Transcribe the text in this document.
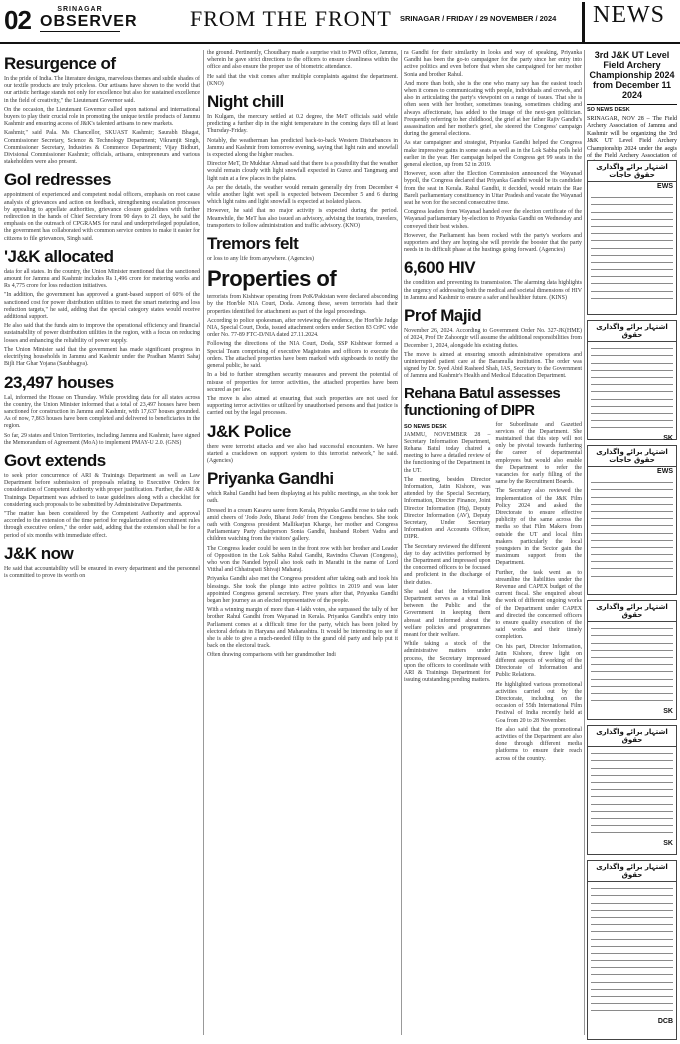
02	SRINAGAR
OBSERVER FROM THE FRONT SRINAGAR / FRIDAY / 29 NOVEMBER / 2024	NEWS
Resurgence of

In the pride of India. The literature designs, marvelous themes and subtle shades of our textile products are truly priceless. Our artisans have shown to the world that our artistic heritage stands not only for excellence but also for sustained excellence in the field of creativity," the Lieutenant Governor said.

On the occasion, the Lieutenant Governor called upon national and international buyers to play their crucial role in promoting the unique textile products of Jammu Kashmir and ensuring access of J&K's talented artisans to new markets.

Kashmir," said Pala. Ms Chancellor, SKUAST Kashmir; Saurabh Bhagat, Commissioner Secretary, Science & Technology Department; Vikramjit Singh, Commissioner Secretary, Industries & Commerce Department; Vijay Bidhuri, Divisional Commissioner Kashmir; officials, artisans, entrepreneurs and various stakeholders were also present.

GoI redresses

appointment of experienced and competent nodal officers, emphasis on root cause analysis of grievances and action on feedback, strengthening escalation processes by appealing to appellate authorities, grievance closure guidelines with further redirection in the hands of Chief Secretary from 90 days to 21 days, he said the emphasis on the outreach of CPGRAMS for rural and underprivileged population, the government has collaborated with common service centres to make it easier for citizens to file grievances, Singh said.

'J&K allocated

data for all states. In the country, the Union Minister mentioned that the sanctioned amount for Jammu and Kashmir includes Rs 1,496 crore for metering works and Rs 4,775 crore for loss reduction initiatives.

"In addition, the government has approved a grant-based support of 60% of the sanctioned cost for power distribution utilities to meet the smart metering and loss reduction targets," he said, adding that the special category states would receive additional support.

He also said that the funds aim to improve the operational efficiency and financial sustainability of power distribution utilities in the region, with a focus on reducing losses and enhancing the reliability of power supply.

The Union Minister said that the government has made significant progress in electrifying households in Jammu and Kashmir under the Pradhan Mantri Sahaj Bijli Har Ghar Yojana (Saubhagya).

23,497 houses

Lal, informed the House on Thursday. While providing data for all states across the country, the Union Minister informed that a total of 23,497 houses have been sanctioned for construction in Jammu and Kashmir, with 17,637 houses grounded. As of now, 7,863 houses have been completed and delivered to beneficiaries in the region.

So far, 29 states and Union Territories, including Jammu and Kashmir, have signed the Memorandum of Agreement (MoA) to implement PMAY-U 2.0. (GNS)

Govt extends

to seek prior concurrence of ARI & Trainings Department as well as Law Department before submission of proposals relating to Executive Orders for consideration of Competent Authority with proper justification. Further, the ARI & Trainings Department was advised to issue guidelines along with a checklist for considering such proposals to be submitted by Administrative Departments.

"The matter has been considered by the Competent Authority and approval accorded to the extension of the time period for regularization of recruitment rules through executive orders," the order said, adding that the extension shall be for a period of six months with immediate effect.

J&K now

He said that accountability will be ensured in every department and the personnel is committed to prove its worth on

the ground. Pertinently, Choudhary made a surprise visit to PWD office, Jammu, wherein he gave strict directions to the officers to ensure cleanliness within the office and also ensure the proper use of biometric attendance.

He said that the visit comes after multiple complaints against the department. (KNO)

Night chill

In Kulgam, the mercury settled at 0.2 degree, the MeT officials said while predicting a further dip in the night temperature in the coming days till at least Thursday-Friday.

Notably, the weatherman has predicted back-to-back Western Disturbances in Jammu and Kashmir from tomorrow evening, saying that light rain and snowfall is expected along the higher reaches.

Director MeT, Dr Mukhtar Ahmad said that there is a possibility that the weather would remain cloudy with light snowfall expected in Gurez and Tangmarg and light rain at a few places in the plains.

As per the details, the weather would remain generally dry from December 4 while another light wet spell is expected between December 5 and 6 during which light rains and light snowfall is expected at isolated places.

However, he said that no major activity is expected during the period. Meanwhile, the MeT has also issued an advisory, advising the tourists, travelers, transporters to follow administration and traffic advisory. (KNO)

Tremors felt

or loss to any life from anywhere. (Agencies)

Properties of

terrorists from Kishtwar operating from PoK/Pakistan were declared absconding by the Hon'ble NIA Court, Doda. Among these, seven terrorists had their properties identified for attachment as part of the legal proceedings.

According to police spokesman, after reviewing the evidence, the Hon'ble Judge NIA, Special Court, Doda, issued attachment orders under Section 83 CrPC vide order No. 77-89 FTC-D/NIA dated 27.11.2024.

Following the directions of the NIA Court, Doda, SSP Kishtwar formed a Special Team comprising of executive Magistrates and officers to execute the orders. The attached properties have been marked with signboards to notify the general public, he said.

In a bid to further strengthen security measures and prevent the potential of misuse of properties for terror activities, the attached properties have been secured as per law.

The move is also aimed at ensuring that such properties are not used for supporting terror activities or utilized by unauthorised persons and that justice is carried out by the legal processes.

J&K Police

there were terrorist attacks and we also had successful encounters. We have started a crackdown on support system to this terrorist network," he said. (Agencies)

Priyanka Gandhi

which Rahul Gandhi had been displaying at his public meetings, as she took her oath.

Dressed in a cream Kasavu saree from Kerala, Priyanka Gandhi rose to take oath amid cheers of 'Jodo Jodo, Bharat Jodo' from the Congress benches. She took oath with Congress president Mallikarjun Kharge, her mother and Congress Parliamentary Party chairperson Sonia Gandhi, husband Robert Vadra and children watching from the visitors' gallery.

The Congress leader could be seen in the front row with her brother and Leader of Opposition in the Lok Sabha Rahul Gandhi, Ravindra Chavan (Congress), who won the Nanded bypoll also took oath in Marathi in the name of Lord Vitthal and Chhatrapati Shivaji Maharaj.

Priyanka Gandhi also met the Congress president after taking oath and took his blessings. She took the plunge into active politics in 2019 and was later appointed Congress general secretary. Five years after that, Priyanka Gandhi began her journey as an elected representative of the people.

With a winning margin of more than 4 lakh votes, she surpassed the tally of her brother Rahul Gandhi from Wayanad in Kerala. Priyanka Gandhi's entry into Parliament comes at a difficult time for the party, which has been jolted by electoral defeats in Haryana and Maharashtra. It would be interesting to see if she is able to give a much-needed fillip to the grand old party and help put it back on the electoral track.

Often drawing comparisons with her grandmother Indi

ra Gandhi for their similarity in looks and way of speaking, Priyanka Gandhi has been the go-to campaigner for the party since her entry into active politics and even before that when she campaigned for her mother Sonia and brother Rahul.

And more than both, she is the one who many say has the easiest touch when it comes to communicating with people, individuals and crowds, and also in articulating the party's viewpoint on a range of issues. That she is often seen with her brother, sometimes teasing, sometimes chiding and always affectionate, has added to the image of the next-gen politician. Frequently referring to her childhood, the grief at her father Rajiv Gandhi's assassination and her mother's grief, she steered the Congress' campaign during the general elections.

As star campaigner and strategist, Priyanka Gandhi helped the Congress make impressive gains in some seats as well as in the Lok Sabha polls held earlier in the year. Her campaign helped the Congress get 99 seats in the general election, up from 52 in 2019.

However, soon after the Election Commission announced the Wayanad bypoll, the Congress declared that Priyanka Gandhi would be its candidate from the seat in Kerala. Rahul Gandhi, it decided, would retain the Rae Bareli parliamentary constituency in Uttar Pradesh and vacate the Wayanad seat he won for the second consecutive time.

Congress leaders from Wayanad handed over the election certificate of the Wayanad parliamentary by-election to Priyanka Gandhi on Wednesday and conveyed their best wishes.

However, the Parliament has been rocked with the party's workers and supporters and they are hoping she will provide the booster that the party needs in its difficult phase at the hustings going forward. (Agencies)

6,600 HIV

the condition and preventing its transmission. The alarming data highlights the urgency of addressing both the medical and societal dimensions of HIV in Jammu and Kashmir to ensure a safer and healthier future. (KINS)

Prof Majid

November 26, 2024. According to Government Order No. 327-JK(HME) of 2024, Prof Dr Zahoorgir will assume the additional responsibilities from December 1, 2024, alongside his existing duties.

The move is aimed at ensuring smooth administrative operations and uninterrupted patient care at the Baramulla institution. The order was signed by Dr. Syed Abid Rasheed Shah, IAS, Secretary to the Government of Jammu and Kashmir's Health and Medical Education Department.

Rehana Batul assesses functioning of DIPR
SO NEWS DESK

JAMMU, NOVEMBER 28 – Secretary Information Department, Rehana Batul today chaired a meeting to have a detailed review of the functioning of the Department in the UT.

The meeting, besides Director Information, Jatin Kishore, was attended by the Special Secretary, Information, Director Finance, Joint Director Information (Hq), Deputy Director Information (AV), Deputy Secretary, Under Secretary Information and Accounts Officer, DIPR.

The Secretary reviewed the different day to day activities performed by the Department and impressed upon the concerned officers to be focused and proficient in the discharge of their duties.

She said that the Information Department serves as a vital link between the Public and the Government in keeping them abreast and informed about the welfare policies and programmes meant for their welfare.

While taking a stock of the administrative matters under process, the Secretary impressed upon the officers to coordinate with ARI & Trainings Department for issuing outstanding pending matters.

for Subordinate and Gazetted services of the Department. She maintained that this step will not only be pivotal towards furthering the career of departmental employees but would also enable the Department to refer the vacancies for early filling of the same by the Recruitment Boards.

The Secretary also reviewed the implementation of the J&K Film Policy 2024 and asked the Directorate to ensure effective publicity of the same across the media so that Film Makers from outside the UT and local film makers particularly the local youngsters in the Sector gain the maximum support from the Department.

Further, the task went as to streamline the liabilities under the Revenue and CAPEX budget of the current fiscal. She enquired about the work of different ongoing works of the Department under CAPEX and directed the concerned officers to ensure quality execution of the said works and their timely completion.

On his part, Director Information, Jatin Kishore, threw light on different aspects of working of the Directorate of Information and Public Relations.

He highlighted various promotional activities carried out by the Directorate, including on the occasion of 55th International Film Festival of India recently held at Goa from 20 to 28 November.

He also said that the promotional activities of the Department are also done through different media platforms to ensure their reach across of the country.

3rd J&K UT Level Field Archery Championship 2024 from December 11 2024
SO NEWS DESK
SRINAGAR, NOV 28 – The Field Archery Association of Jammu and Kashmir will be organizing the 3rd J&K UT Level Field Archery Championship 2024 under the aegis of the Field Archery Association of
اشتہار برائے واگذاری حقوق حاجات
EWS
اشتہار برائے واگذاری حقوق
SK
اشتہار برائے واگذاری حقوق حاجات
EWS
اشتہار برائے واگذاری حقوق
SK
اشتہار برائے واگذاری حقوق
SK
اشتہار برائے واگذاری حقوق
DCB
